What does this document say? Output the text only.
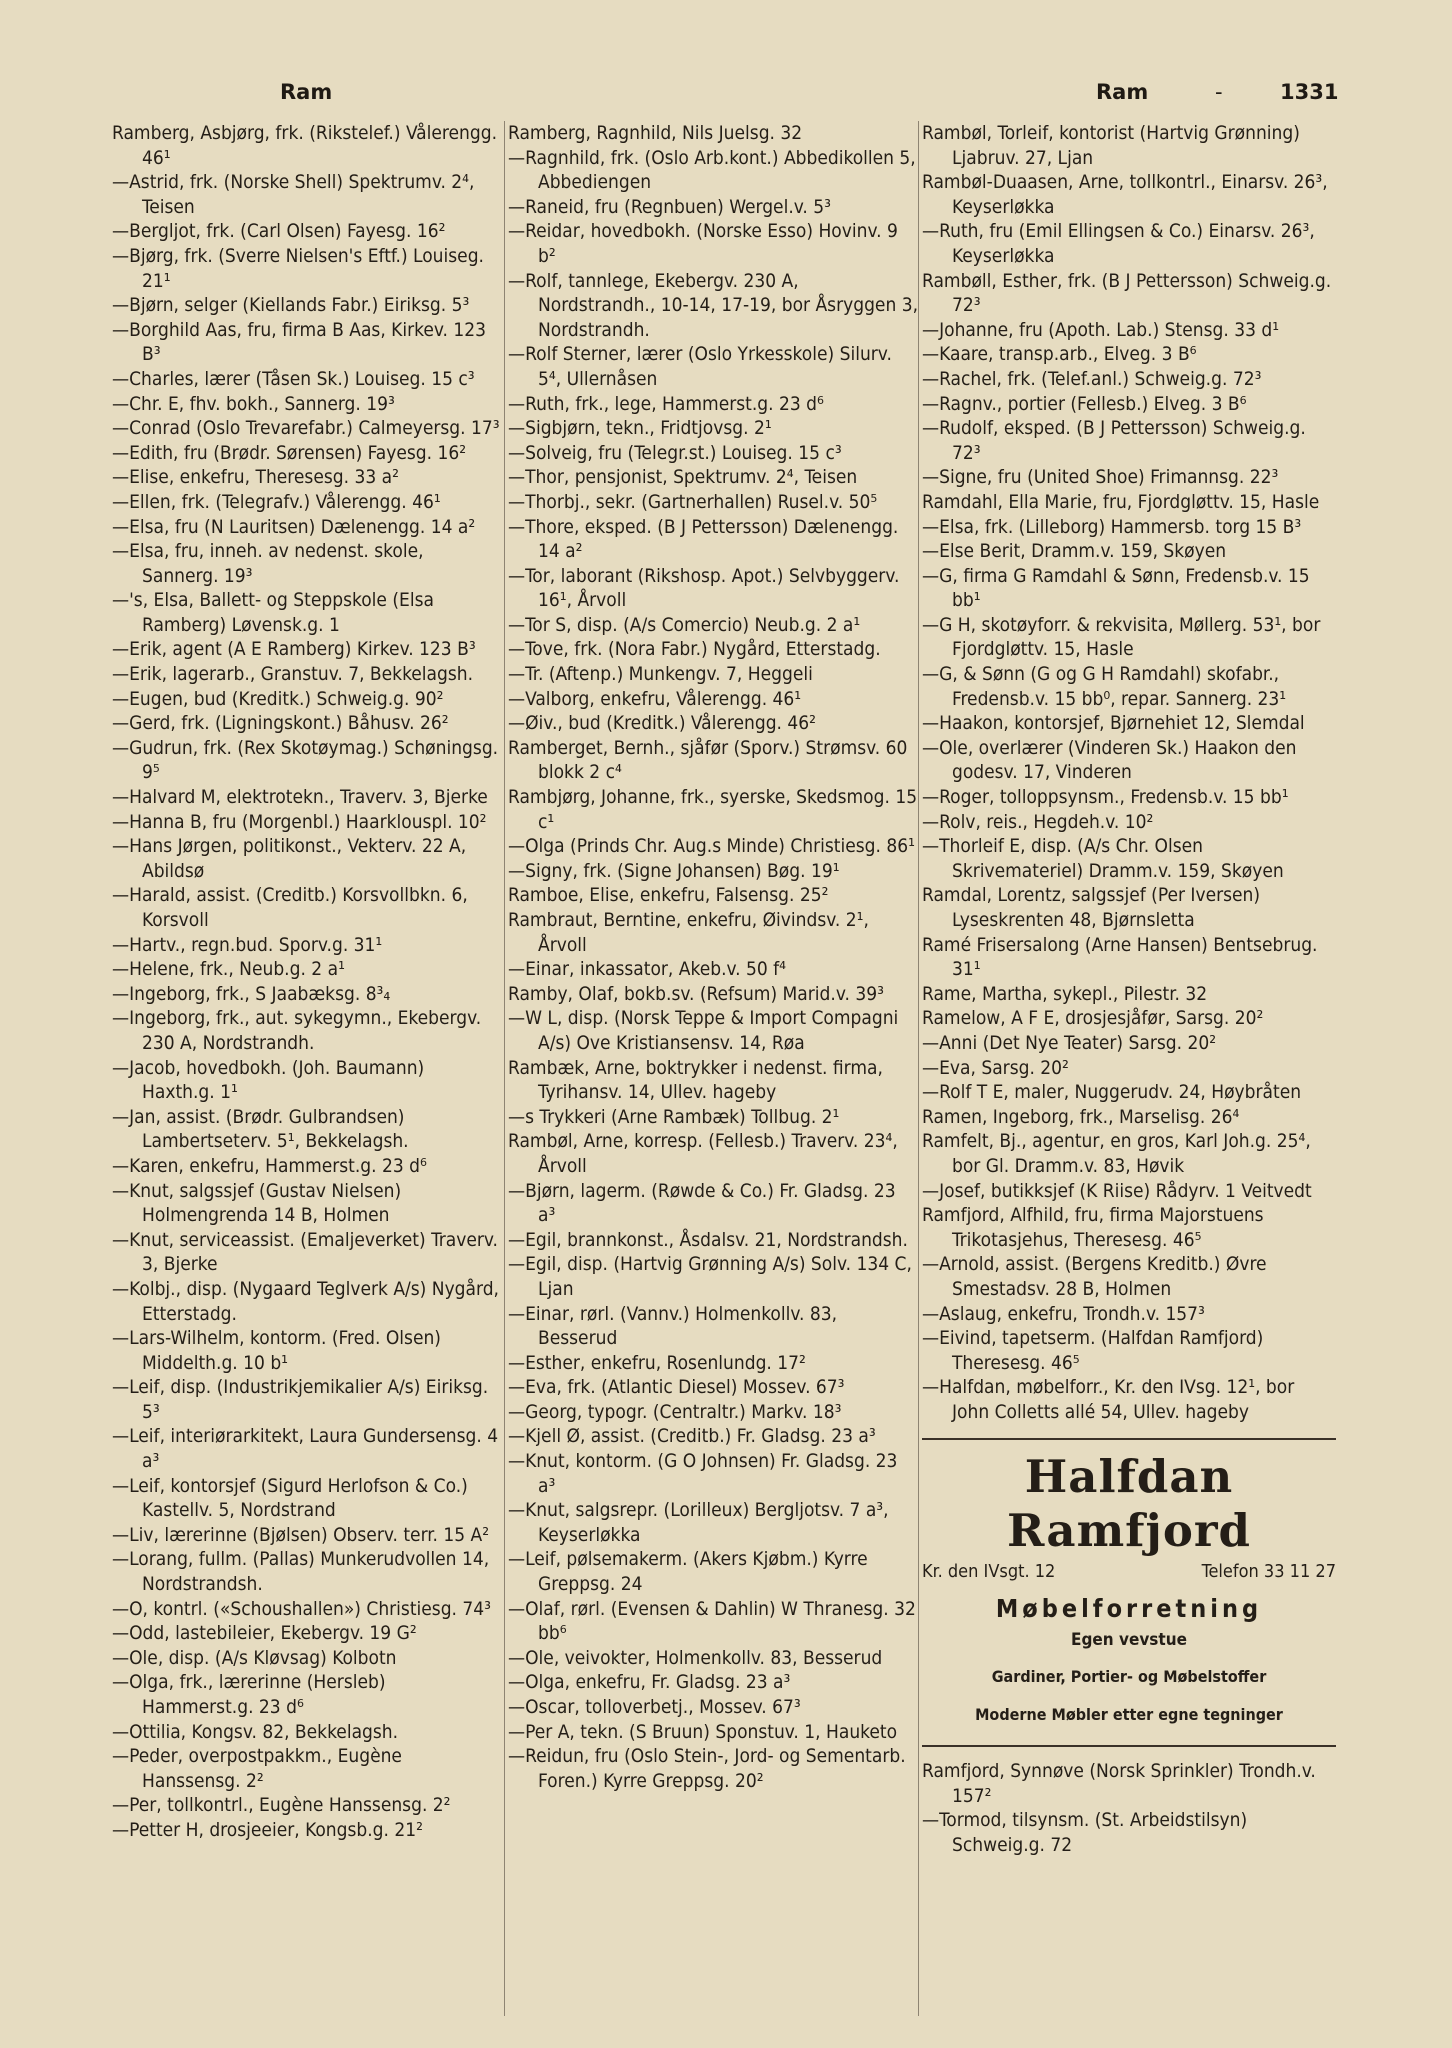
Ram	Ram	-	1331
Ramberg, Asbjørg, frk. (Rikstelef.) Vålerengg. 46¹
—Astrid, frk. (Norske Shell) Spektrumv. 2⁴, Teisen
—Bergljot, frk. (Carl Olsen) Fayesg. 16²
—Bjørg, frk. (Sverre Nielsen's Eftf.) Louiseg. 21¹
—Bjørn, selger (Kiellands Fabr.) Eiriksg. 5³
—Borghild Aas, fru, firma B Aas, Kirkev. 123 B³
—Charles, lærer (Tåsen Sk.) Louiseg. 15 c³
—Chr. E, fhv. bokh., Sannerg. 19³
—Conrad (Oslo Trevarefabr.) Calmeyersg. 17³
—Edith, fru (Brødr. Sørensen) Fayesg. 16²
—Elise, enkefru, Theresesg. 33 a²
—Ellen, frk. (Telegrafv.) Vålerengg. 46¹
—Elsa, fru (N Lauritsen) Dælenengg. 14 a²
—Elsa, fru, inneh. av nedenst. skole, Sannerg. 19³
—'s, Elsa, Ballett- og Steppskole (Elsa Ramberg) Løvensk.g. 1
—Erik, agent (A E Ramberg) Kirkev. 123 B³
—Erik, lagerarb., Granstuv. 7, Bekkelagsh.
—Eugen, bud (Kreditk.) Schweig.g. 90²
—Gerd, frk. (Ligningskont.) Båhusv. 26²
—Gudrun, frk. (Rex Skotøymag.) Schøningsg. 9⁵
—Halvard M, elektrotekn., Traverv. 3, Bjerke
—Hanna B, fru (Morgenbl.) Haarklouspl. 10²
—Hans Jørgen, politikonst., Vekterv. 22 A, Abildsø
—Harald, assist. (Creditb.) Korsvollbkn. 6, Korsvoll
—Hartv., regn.bud. Sporv.g. 31¹
—Helene, frk., Neub.g. 2 a¹
—Ingeborg, frk., S Jaabæksg. 8³₄
—Ingeborg, frk., aut. sykegymn., Ekebergv. 230 A, Nordstrandh.
—Jacob, hovedbokh. (Joh. Baumann) Haxth.g. 1¹
—Jan, assist. (Brødr. Gulbrandsen) Lambertseterv. 5¹, Bekkelagsh.
—Karen, enkefru, Hammerst.g. 23 d⁶
—Knut, salgssjef (Gustav Nielsen) Holmengrenda 14 B, Holmen
—Knut, serviceassist. (Emaljeverket) Traverv. 3, Bjerke
—Kolbj., disp. (Nygaard Teglverk A/s) Nygård, Etterstadg.
—Lars-Wilhelm, kontorm. (Fred. Olsen) Middelth.g. 10 b¹
—Leif, disp. (Industrikjemikalier A/s) Eiriksg. 5³
—Leif, interiørarkitekt, Laura Gundersensg. 4 a³
—Leif, kontorsjef (Sigurd Herlofson & Co.) Kastellv. 5, Nordstrand
—Liv, lærerinne (Bjølsen) Observ. terr. 15 A²
—Lorang, fullm. (Pallas) Munkerudvollen 14, Nordstrandsh.
—O, kontrl. («Schoushallen») Christiesg. 74³
—Odd, lastebileier, Ekebergv. 19 G²
—Ole, disp. (A/s Kløvsag) Kolbotn
—Olga, frk., lærerinne (Hersleb) Hammerst.g. 23 d⁶
—Ottilia, Kongsv. 82, Bekkelagsh.
—Peder, overpostpakkm., Eugène Hanssensg. 2²
—Per, tollkontrl., Eugène Hanssensg. 2²
—Petter H, drosjeeier, Kongsb.g. 21²
Ramberg, Ragnhild, Nils Juelsg. 32
—Ragnhild, frk. (Oslo Arb.kont.) Abbedikollen 5, Abbediengen
—Raneid, fru (Regnbuen) Wergel.v. 5³
—Reidar, hovedbokh. (Norske Esso) Hovinv. 9 b²
—Rolf, tannlege, Ekebergv. 230 A, Nordstrandh., 10-14, 17-19, bor Åsryggen 3, Nordstrandh.
—Rolf Sterner, lærer (Oslo Yrkesskole) Silurv. 5⁴, Ullernåsen
—Ruth, frk., lege, Hammerst.g. 23 d⁶
—Sigbjørn, tekn., Fridtjovsg. 2¹
—Solveig, fru (Telegr.st.) Louiseg. 15 c³
—Thor, pensjonist, Spektrumv. 2⁴, Teisen
—Thorbj., sekr. (Gartnerhallen) Rusel.v. 50⁵
—Thore, eksped. (B J Pettersson) Dælenengg. 14 a²
—Tor, laborant (Rikshosp. Apot.) Selvbyggerv. 16¹, Årvoll
—Tor S, disp. (A/s Comercio) Neub.g. 2 a¹
—Tove, frk. (Nora Fabr.) Nygård, Etterstadg.
—Tr. (Aftenp.) Munkengv. 7, Heggeli
—Valborg, enkefru, Vålerengg. 46¹
—Øiv., bud (Kreditk.) Vålerengg. 46²
Ramberget, Bernh., sjåfør (Sporv.) Strømsv. 60 blokk 2 c⁴
Rambjørg, Johanne, frk., syerske, Skedsmog. 15 c¹
—Olga (Prinds Chr. Aug.s Minde) Christiesg. 86¹
—Signy, frk. (Signe Johansen) Bøg. 19¹
Ramboe, Elise, enkefru, Falsensg. 25²
Rambraut, Berntine, enkefru, Øivindsv. 2¹, Årvoll
—Einar, inkassator, Akeb.v. 50 f⁴
Ramby, Olaf, bokb.sv. (Refsum) Marid.v. 39³
—W L, disp. (Norsk Teppe & Import Compagni A/s) Ove Kristiansensv. 14, Røa
Rambæk, Arne, boktrykker i nedenst. firma, Tyrihansv. 14, Ullev. hageby
—s Trykkeri (Arne Rambæk) Tollbug. 2¹
Rambøl, Arne, korresp. (Fellesb.) Traverv. 23⁴, Årvoll
—Bjørn, lagerm. (Røwde & Co.) Fr. Gladsg. 23 a³
—Egil, brannkonst., Åsdalsv. 21, Nordstrandsh.
—Egil, disp. (Hartvig Grønning A/s) Solv. 134 C, Ljan
—Einar, rørl. (Vannv.) Holmenkollv. 83, Besserud
—Esther, enkefru, Rosenlundg. 17²
—Eva, frk. (Atlantic Diesel) Mossev. 67³
—Georg, typogr. (Centraltr.) Markv. 18³
—Kjell Ø, assist. (Creditb.) Fr. Gladsg. 23 a³
—Knut, kontorm. (G O Johnsen) Fr. Gladsg. 23 a³
—Knut, salgsrepr. (Lorilleux) Bergljotsv. 7 a³, Keyserløkka
—Leif, pølsemakerm. (Akers Kjøbm.) Kyrre Greppsg. 24
—Olaf, rørl. (Evensen & Dahlin) W Thranesg. 32 bb⁶
—Ole, veivokter, Holmenkollv. 83, Besserud
—Olga, enkefru, Fr. Gladsg. 23 a³
—Oscar, tolloverbetj., Mossev. 67³
—Per A, tekn. (S Bruun) Sponstuv. 1, Hauketo
—Reidun, fru (Oslo Stein-, Jord- og Sementarb. Foren.) Kyrre Greppsg. 20²
Rambøl, Torleif, kontorist (Hartvig Grønning) Ljabruv. 27, Ljan
Rambøl-Duaasen, Arne, tollkontrl., Einarsv. 26³, Keyserløkka
—Ruth, fru (Emil Ellingsen & Co.) Einarsv. 26³, Keyserløkka
Rambøll, Esther, frk. (B J Pettersson) Schweig.g. 72³
—Johanne, fru (Apoth. Lab.) Stensg. 33 d¹
—Kaare, transp.arb., Elveg. 3 B⁶
—Rachel, frk. (Telef.anl.) Schweig.g. 72³
—Ragnv., portier (Fellesb.) Elveg. 3 B⁶
—Rudolf, eksped. (B J Pettersson) Schweig.g. 72³
—Signe, fru (United Shoe) Frimannsg. 22³
Ramdahl, Ella Marie, fru, Fjordgløttv. 15, Hasle
—Elsa, frk. (Lilleborg) Hammersb. torg 15 B³
—Else Berit, Dramm.v. 159, Skøyen
—G, firma G Ramdahl & Sønn, Fredensb.v. 15 bb¹
—G H, skotøyforr. & rekvisita, Møllerg. 53¹, bor Fjordgløttv. 15, Hasle
—G, & Sønn (G og G H Ramdahl) skofabr., Fredensb.v. 15 bb⁰, repar. Sannerg. 23¹
—Haakon, kontorsjef, Bjørnehiet 12, Slemdal
—Ole, overlærer (Vinderen Sk.) Haakon den godesv. 17, Vinderen
—Roger, tolloppsynsm., Fredensb.v. 15 bb¹
—Rolv, reis., Hegdeh.v. 10²
—Thorleif E, disp. (A/s Chr. Olsen Skrivemateriel) Dramm.v. 159, Skøyen
Ramdal, Lorentz, salgssjef (Per Iversen) Lyseskrenten 48, Bjørnsletta
Ramé Frisersalong (Arne Hansen) Bentsebrug. 31¹
Rame, Martha, sykepl., Pilestr. 32
Ramelow, A F E, drosjesjåfør, Sarsg. 20²
—Anni (Det Nye Teater) Sarsg. 20²
—Eva, Sarsg. 20²
—Rolf T E, maler, Nuggerudv. 24, Høybråten
Ramen, Ingeborg, frk., Marselisg. 26⁴
Ramfelt, Bj., agentur, en gros, Karl Joh.g. 25⁴, bor Gl. Dramm.v. 83, Høvik
—Josef, butikksjef (K Riise) Rådyrv. 1 Veitvedt
Ramfjord, Alfhild, fru, firma Majorstuens Trikotasjehus, Theresesg. 46⁵
—Arnold, assist. (Bergens Kreditb.) Øvre Smestadsv. 28 B, Holmen
—Aslaug, enkefru, Trondh.v. 157³
—Eivind, tapetserm. (Halfdan Ramfjord) Theresesg. 46⁵
—Halfdan, møbelforr., Kr. den IVsg. 12¹, bor John Colletts allé 54, Ullev. hageby
Halfdan Ramfjord
Kr. den IVsgt. 12	Telefon 33 11 27
Møbelforretning
Egen vevstue
Gardiner, Portier- og Møbelstoffer
Moderne Møbler etter egne tegninger
Ramfjord, Synnøve (Norsk Sprinkler) Trondh.v. 157²
—Tormod, tilsynsm. (St. Arbeidstilsyn) Schweig.g. 72
